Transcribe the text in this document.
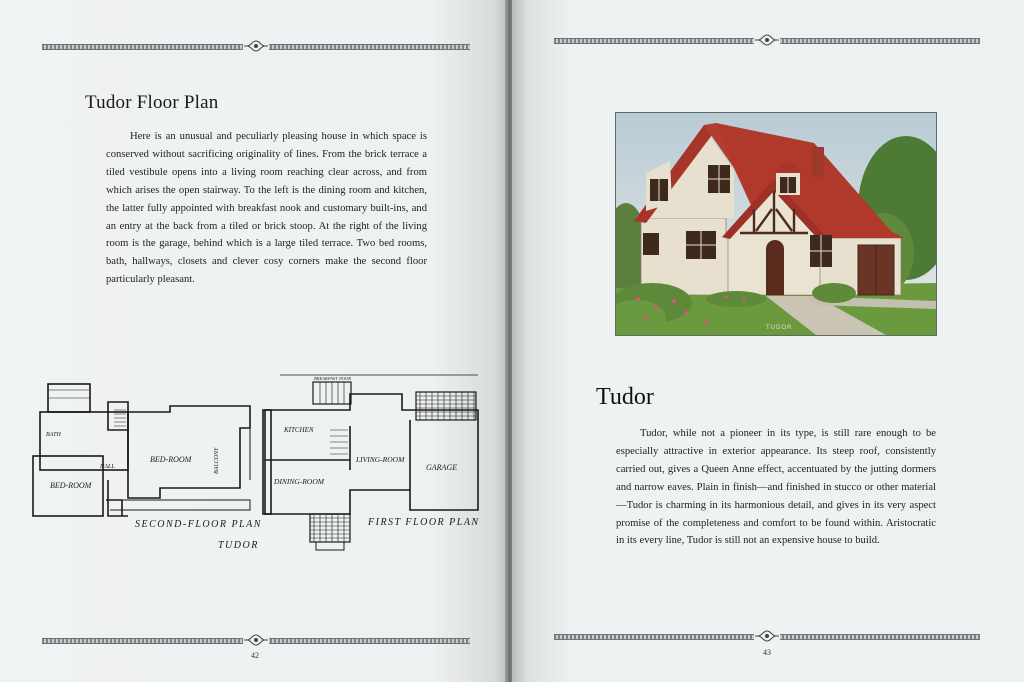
Tudor Floor Plan

Here is an unusual and peculiarly pleasing house in which space is conserved without sacrificing originality of lines. From the brick terrace a tiled vestibule opens into a living room reaching clear across, and from which arises the open stairway. To the left is the dining room and kitchen, the latter fully appointed with breakfast nook and customary built-ins, and an entry at the back from a tiled or brick stoop. At the right of the living room is the garage, behind which is a large tiled terrace. Two bed rooms, bath, hallways, closets and clever cosy corners make the second floor particularly pleasant.

BED-ROOM
BED-ROOM
BATH
HALL	BALCONY
KITCHEN
DINING-ROOM
LIVING-ROOM
GARAGE
BREAKFAST NOOK
SECOND-FLOOR PLAN	FIRST FLOOR PLAN
TUDOR
42	43
TUDOR
Tudor

Tudor, while not a pioneer in its type, is still rare enough to be especially attractive in exterior appearance. Its steep roof, consistently carried out, gives a Queen Anne effect, accentuated by the jutting dormers and narrow eaves. Plain in finish—and finished in stucco or other material—Tudor is charming in its harmonious detail, and gives in its very aspect promise of the completeness and comfort to be found within. Aristocratic in its every line, Tudor is still not an expensive house to build.
